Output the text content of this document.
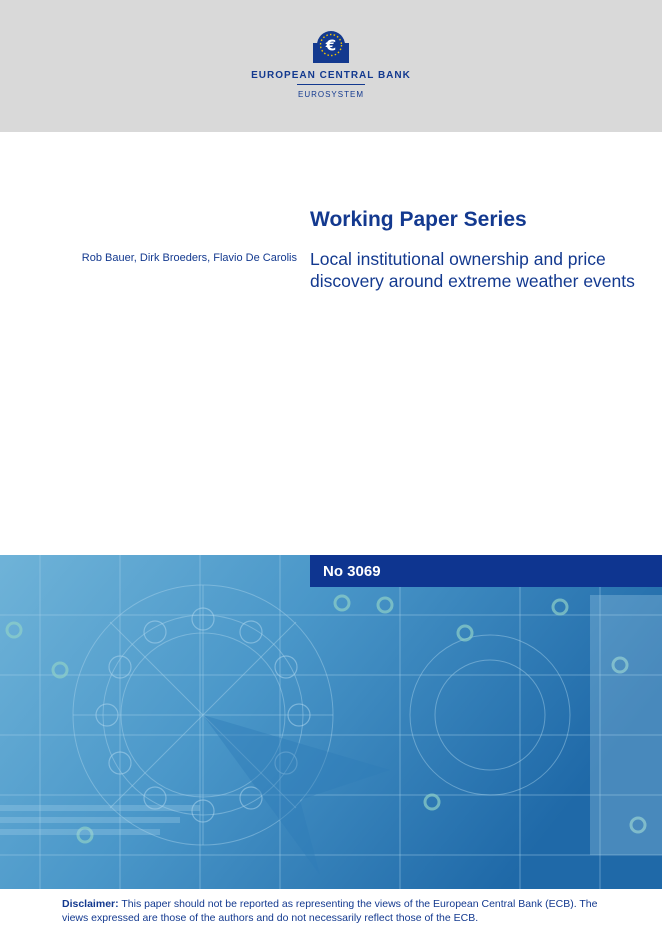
€
EUROPEAN CENTRAL BANK
EUROSYSTEM
Working Paper Series
Rob Bauer, Dirk Broeders, Flavio De Carolis Local institutional ownership and price discovery around extreme weather events
No 3069
Disclaimer: This paper should not be reported as representing the views of the European Central Bank (ECB). The views expressed are those of the authors and do not necessarily reflect those of the ECB.
